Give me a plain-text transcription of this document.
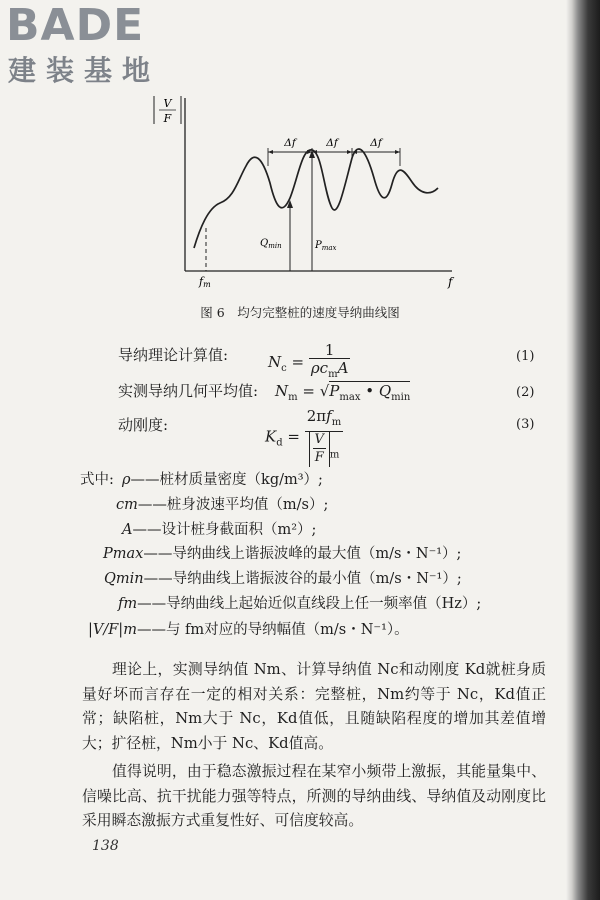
BADE
建装基地
V
F
fm	f
$Q_{min}$	$P_{max}$
Δf	Δf	Δf
图 6　均匀完整桩的速度导纳曲线图
导纳理论计算值:	$N_c = \frac{1}{\rho c_mA}$	(1)
实测导纳几何平均值: $N_m = √P_{max}$ • $Q_{min}$	(2)
动刚度:
$K_d = \frac{2\pi f_m}{\frac{V}{F} _m}$	(3)
式中: ρ——桩材质量密度（kg/m³）;
cm——桩身波速平均值（m/s）;
A——设计桩身截面积（m²）;
Pmax——导纳曲线上谐振波峰的最大值（m/s・N⁻¹）;
Qmin——导纳曲线上谐振波谷的最小值（m/s・N⁻¹）;
fm——导纳曲线上起始近似直线段上任一频率值（Hz）;
|V/F|m——与 fm对应的导纳幅值（m/s・N⁻¹）。
理论上，实测导纳值 Nm、计算导纳值 Nc和动刚度 Kd就桩身质量好坏而言存在一定的相对关系：完整桩，Nm约等于 Nc，Kd值正常；缺陷桩，Nm大于 Nc，Kd值低，且随缺陷程度的增加其差值增大；扩径桩，Nm小于 Nc、Kd值高。
值得说明，由于稳态激振过程在某窄小频带上激振，其能量集中、信噪比高、抗干扰能力强等特点，所测的导纳曲线、导纳值及动刚度比采用瞬态激振方式重复性好、可信度较高。
138
